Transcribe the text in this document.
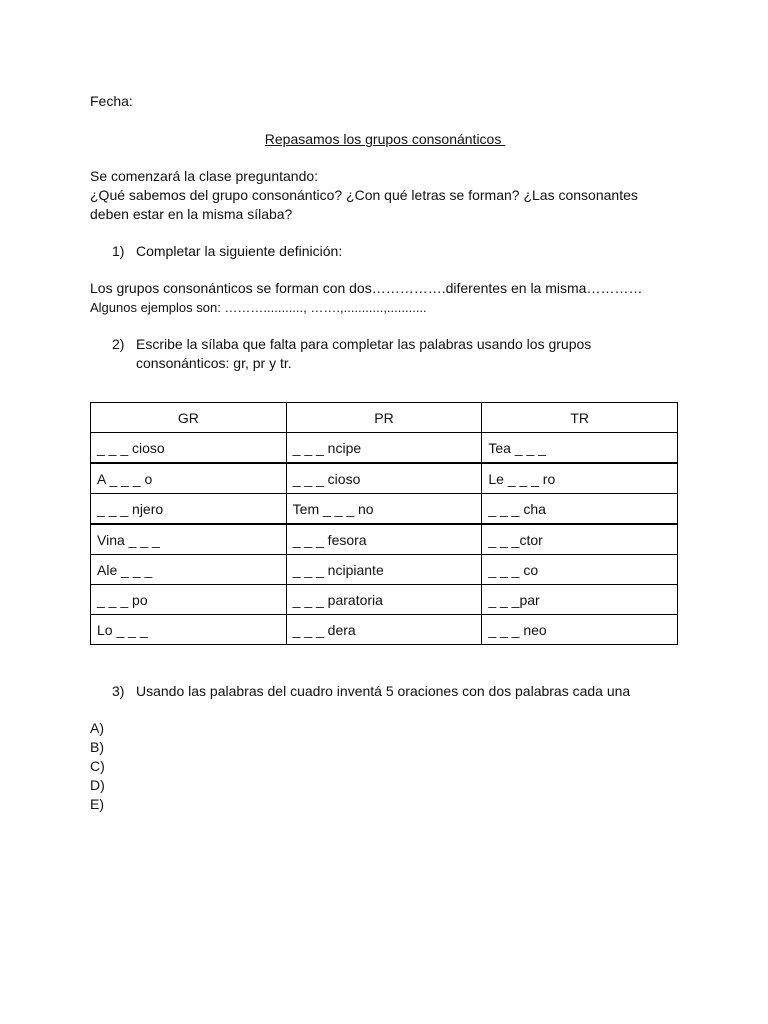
Fecha:

Repasamos los grupos consonánticos

Se comenzará la clase preguntando:

¿Qué sabemos del grupo consonántico? ¿Con qué letras se forman? ¿Las consonantes deben estar en la misma sílaba?

1) Completar la siguiente definición:

Los grupos consonánticos se forman con dos…………….diferentes en la misma…………

Algunos ejemplos son: ………..........., …….,...........,...........

2) Escribe la sílaba que falta para completar las palabras usando los grupos consonánticos: gr, pr y tr.
GR	PR	TR
_ _ _ cioso	_ _ _ ncipe	Tea _ _ _
A _ _ _ o	_ _ _ cioso	Le _ _ _ ro
_ _ _ njero	Tem _ _ _ no	_ _ _ cha
Vina _ _ _	_ _ _ fesora	_ _ _ctor
Ale _ _ _	_ _ _ ncipiante	_ _ _ co
_ _ _ po	_ _ _ paratoria	_ _ _par
Lo _ _ _	_ _ _ dera	_ _ _ neo
3) Usando las palabras del cuadro inventá 5 oraciones con dos palabras cada una

A)

B)

C)

D)

E)
